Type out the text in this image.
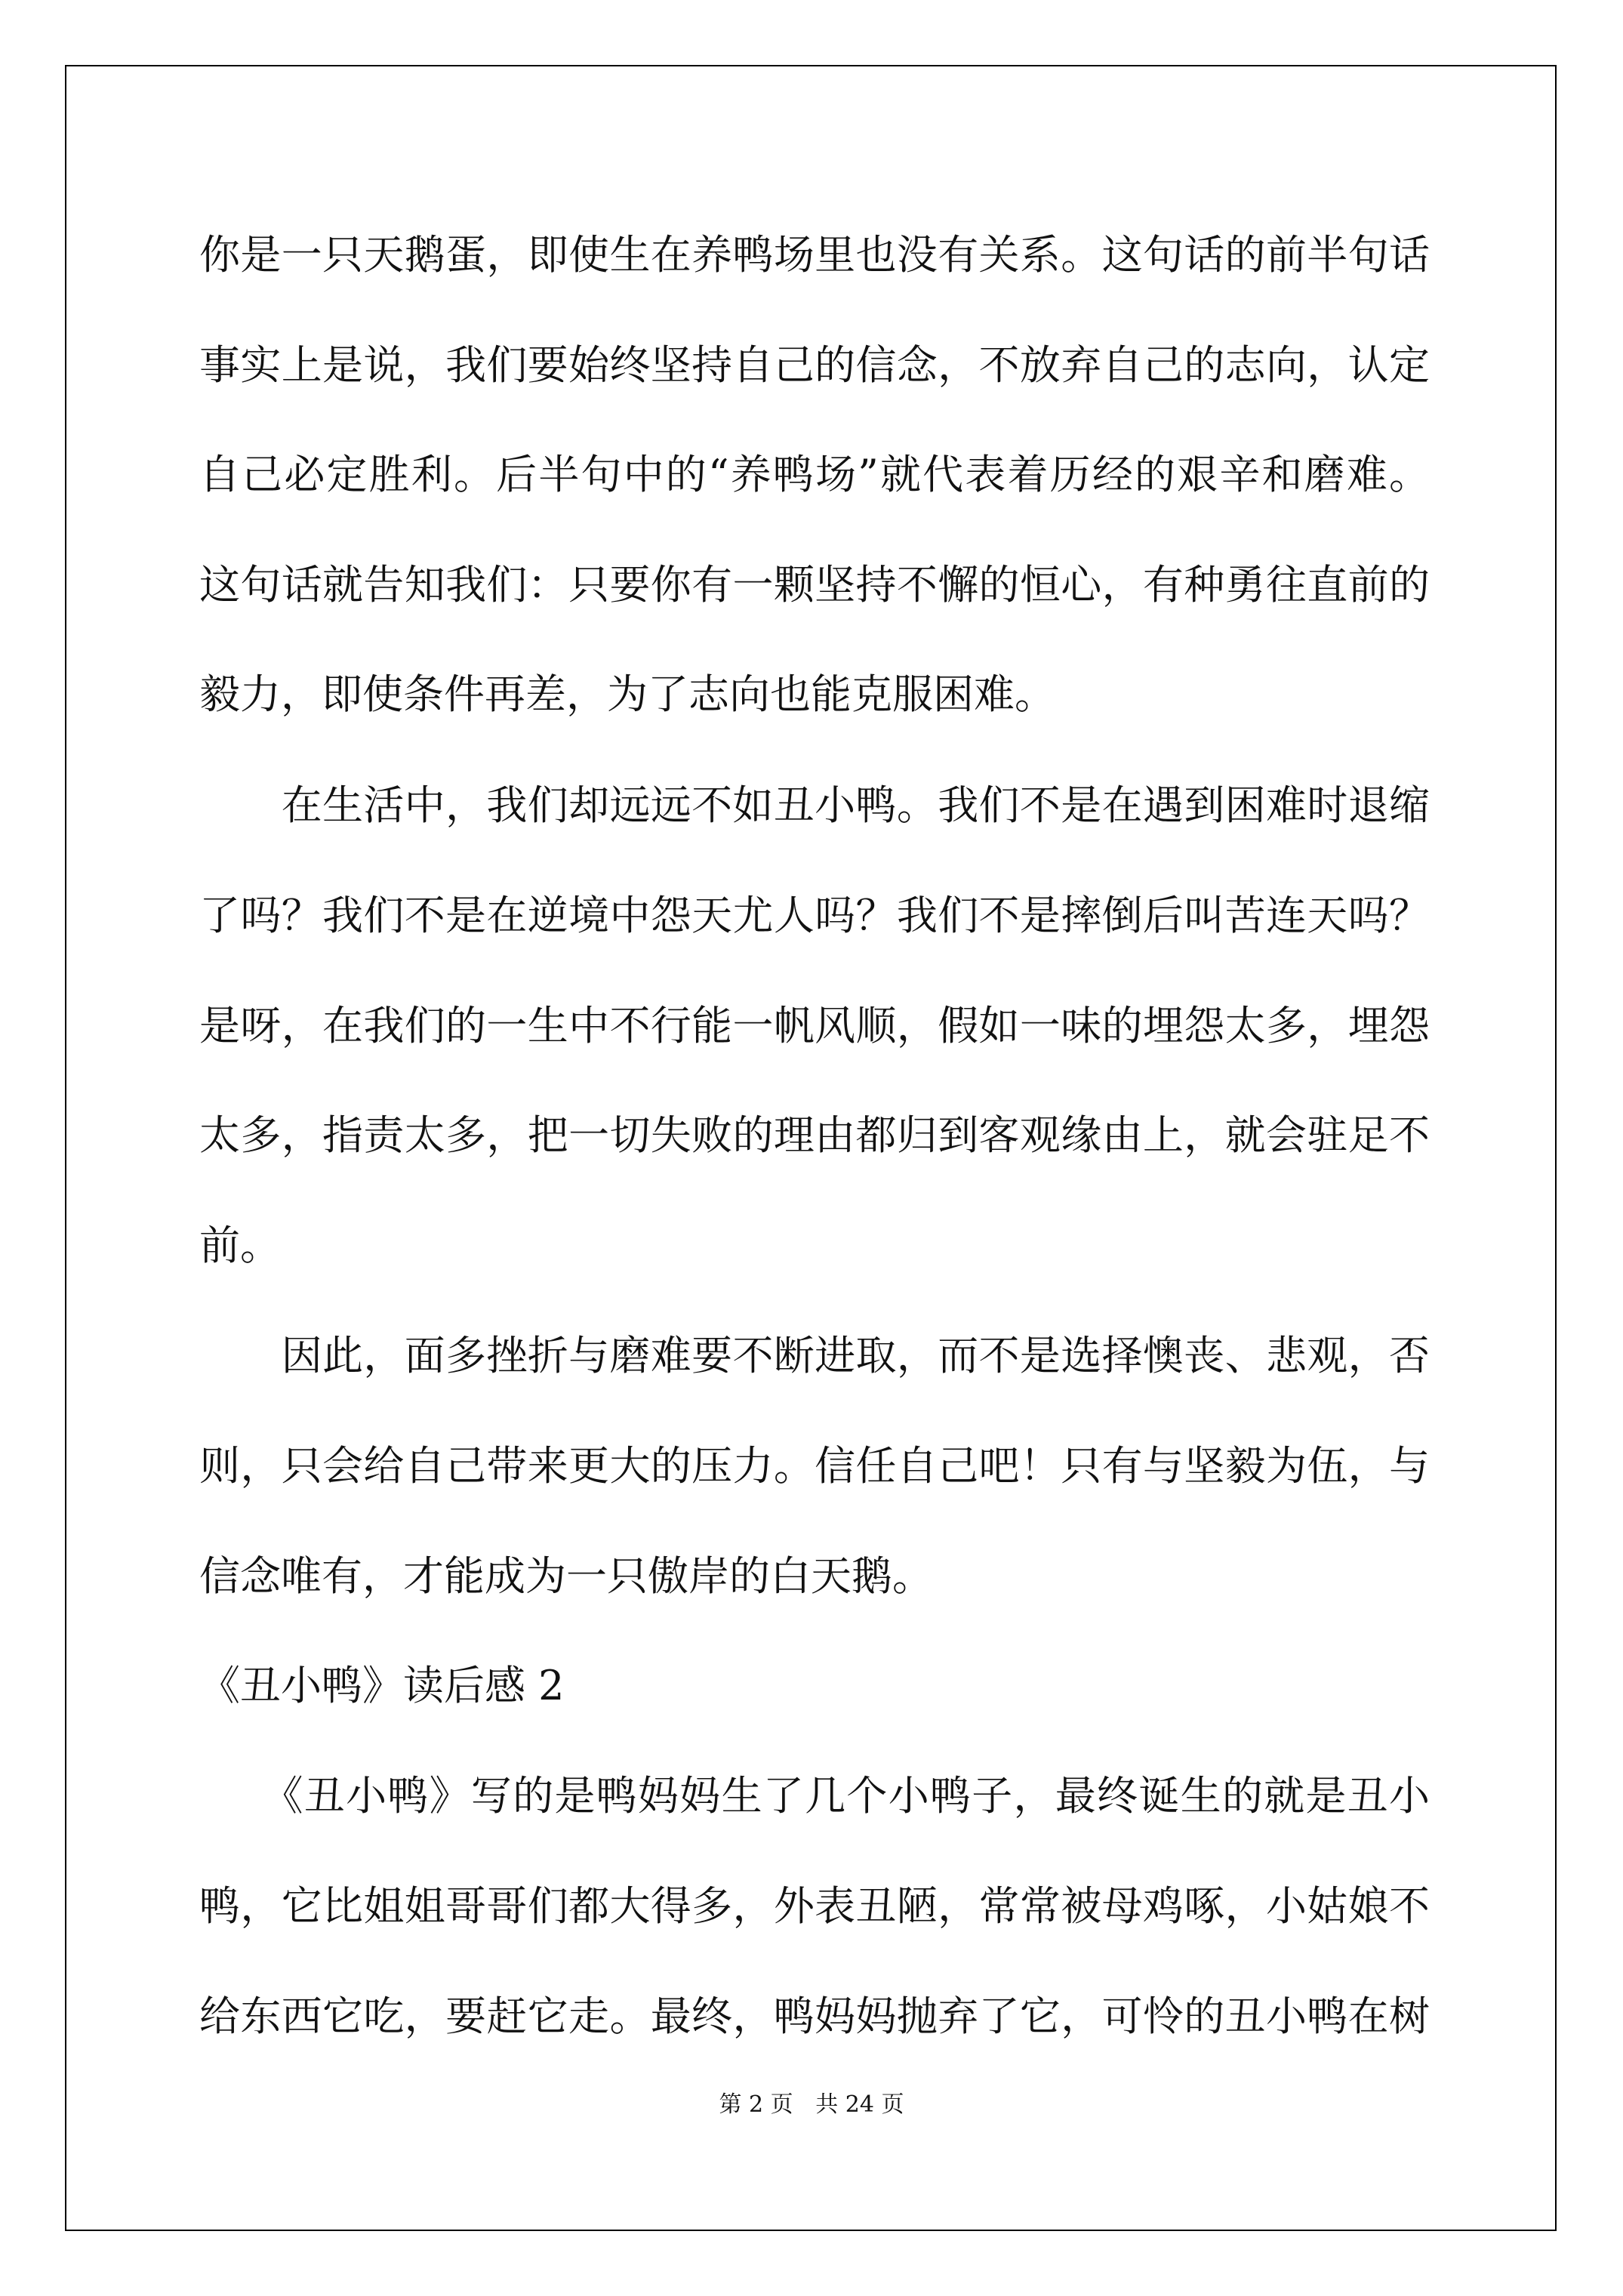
你是一只天鹅蛋，即使生在养鸭场里也没有关系。这句话的前半句话
事实上是说，我们要始终坚持自己的信念，不放弃自己的志向，认定
自己必定胜利。后半句中的“养鸭场”就代表着历经的艰辛和磨难。
这句话就告知我们：只要你有一颗坚持不懈的恒心，有种勇往直前的
毅力，即使条件再差，为了志向也能克服困难。
　　在生活中，我们却远远不如丑小鸭。我们不是在遇到困难时退缩
了吗？我们不是在逆境中怨天尤人吗？我们不是摔倒后叫苦连天吗？
是呀，在我们的一生中不行能一帆风顺，假如一味的埋怨太多，埋怨
太多，指责太多，把一切失败的理由都归到客观缘由上，就会驻足不
前。
　　因此，面多挫折与磨难要不断进取，而不是选择懊丧、悲观，否
则，只会给自己带来更大的压力。信任自己吧！只有与坚毅为伍，与
信念唯有，才能成为一只傲岸的白天鹅。
《丑小鸭》读后感 2
　　《丑小鸭》写的是鸭妈妈生了几个小鸭子，最终诞生的就是丑小
鸭，它比姐姐哥哥们都大得多，外表丑陋，常常被母鸡啄，小姑娘不
给东西它吃，要赶它走。最终，鸭妈妈抛弃了它，可怜的丑小鸭在树
第 2 页 共 24 页
